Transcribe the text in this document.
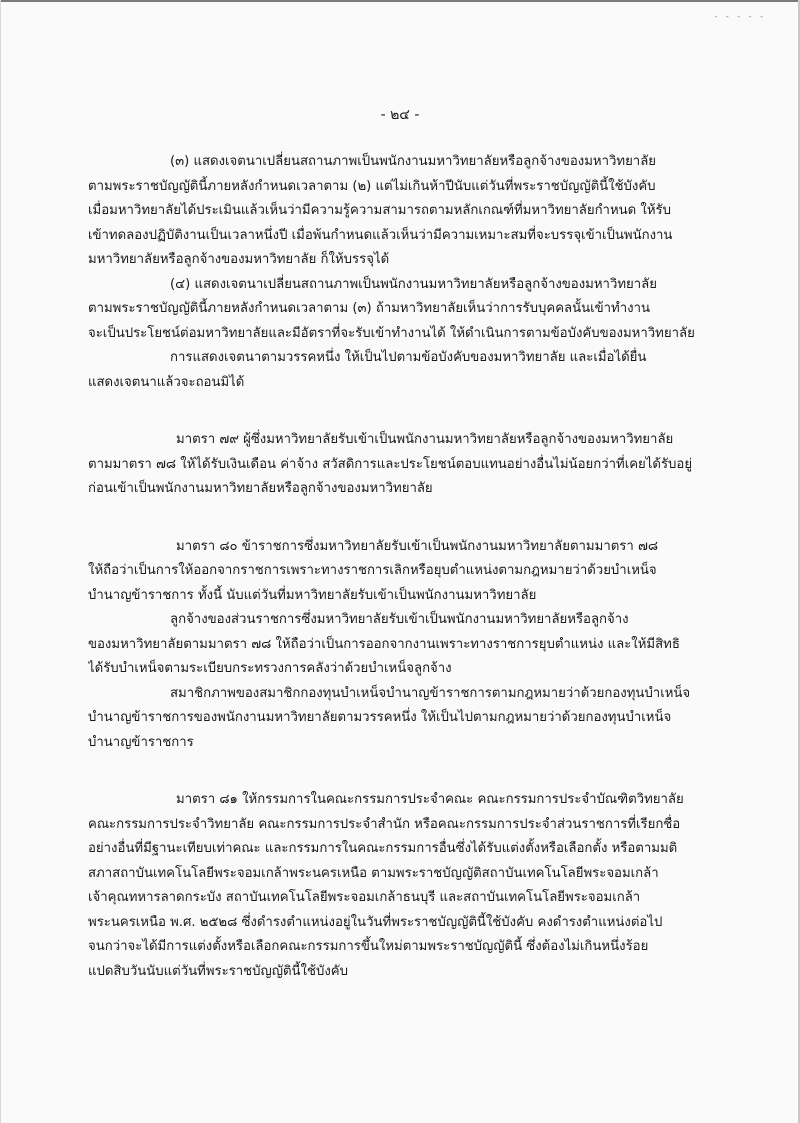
- - - - -
- ๒๔ -
(๓) แสดงเจตนาเปลี่ยนสถานภาพเป็นพนักงานมหาวิทยาลัยหรือลูกจ้างของมหาวิทยาลัย
ตามพระราชบัญญัตินี้ภายหลังกำหนดเวลาตาม (๒) แต่ไม่เกินห้าปีนับแต่วันที่พระราชบัญญัตินี้ใช้บังคับ
เมื่อมหาวิทยาลัยได้ประเมินแล้วเห็นว่ามีความรู้ความสามารถตามหลักเกณฑ์ที่มหาวิทยาลัยกำหนด ให้รับ
เข้าทดลองปฏิบัติงานเป็นเวลาหนึ่งปี เมื่อพ้นกำหนดแล้วเห็นว่ามีความเหมาะสมที่จะบรรจุเข้าเป็นพนักงาน
มหาวิทยาลัยหรือลูกจ้างของมหาวิทยาลัย ก็ให้บรรจุได้
(๔) แสดงเจตนาเปลี่ยนสถานภาพเป็นพนักงานมหาวิทยาลัยหรือลูกจ้างของมหาวิทยาลัย
ตามพระราชบัญญัตินี้ภายหลังกำหนดเวลาตาม (๓) ถ้ามหาวิทยาลัยเห็นว่าการรับบุคคลนั้นเข้าทำงาน
จะเป็นประโยชน์ต่อมหาวิทยาลัยและมีอัตราที่จะรับเข้าทำงานได้ ให้ดำเนินการตามข้อบังคับของมหาวิทยาลัย
การแสดงเจตนาตามวรรคหนึ่ง ให้เป็นไปตามข้อบังคับของมหาวิทยาลัย และเมื่อได้ยื่น
แสดงเจตนาแล้วจะถอนมิได้
มาตรา ๗๙ ผู้ซึ่งมหาวิทยาลัยรับเข้าเป็นพนักงานมหาวิทยาลัยหรือลูกจ้างของมหาวิทยาลัย
ตามมาตรา ๗๘ ให้ได้รับเงินเดือน ค่าจ้าง สวัสดิการและประโยชน์ตอบแทนอย่างอื่นไม่น้อยกว่าที่เคยได้รับอยู่
ก่อนเข้าเป็นพนักงานมหาวิทยาลัยหรือลูกจ้างของมหาวิทยาลัย
มาตรา ๘๐ ข้าราชการซึ่งมหาวิทยาลัยรับเข้าเป็นพนักงานมหาวิทยาลัยตามมาตรา ๗๘
ให้ถือว่าเป็นการให้ออกจากราชการเพราะทางราชการเลิกหรือยุบตำแหน่งตามกฎหมายว่าด้วยบำเหน็จ
บำนาญข้าราชการ ทั้งนี้ นับแต่วันที่มหาวิทยาลัยรับเข้าเป็นพนักงานมหาวิทยาลัย
ลูกจ้างของส่วนราชการซึ่งมหาวิทยาลัยรับเข้าเป็นพนักงานมหาวิทยาลัยหรือลูกจ้าง
ของมหาวิทยาลัยตามมาตรา ๗๘ ให้ถือว่าเป็นการออกจากงานเพราะทางราชการยุบตำแหน่ง และให้มีสิทธิ
ได้รับบำเหน็จตามระเบียบกระทรวงการคลังว่าด้วยบำเหน็จลูกจ้าง
สมาชิกภาพของสมาชิกกองทุนบำเหน็จบำนาญข้าราชการตามกฎหมายว่าด้วยกองทุนบำเหน็จ
บำนาญข้าราชการของพนักงานมหาวิทยาลัยตามวรรคหนึ่ง ให้เป็นไปตามกฎหมายว่าด้วยกองทุนบำเหน็จ
บำนาญข้าราชการ
มาตรา ๘๑ ให้กรรมการในคณะกรรมการประจำคณะ คณะกรรมการประจำบัณฑิตวิทยาลัย
คณะกรรมการประจำวิทยาลัย คณะกรรมการประจำสำนัก หรือคณะกรรมการประจำส่วนราชการที่เรียกชื่อ
อย่างอื่นที่มีฐานะเทียบเท่าคณะ และกรรมการในคณะกรรมการอื่นซึ่งได้รับแต่งตั้งหรือเลือกตั้ง หรือตามมติ
สภาสถาบันเทคโนโลยีพระจอมเกล้าพระนครเหนือ ตามพระราชบัญญัติสถาบันเทคโนโลยีพระจอมเกล้า
เจ้าคุณทหารลาดกระบัง สถาบันเทคโนโลยีพระจอมเกล้าธนบุรี และสถาบันเทคโนโลยีพระจอมเกล้า
พระนครเหนือ พ.ศ. ๒๕๒๘ ซึ่งดำรงตำแหน่งอยู่ในวันที่พระราชบัญญัตินี้ใช้บังคับ คงดำรงตำแหน่งต่อไป
จนกว่าจะได้มีการแต่งตั้งหรือเลือกคณะกรรมการขึ้นใหม่ตามพระราชบัญญัตินี้ ซึ่งต้องไม่เกินหนึ่งร้อย
แปดสิบวันนับแต่วันที่พระราชบัญญัตินี้ใช้บังคับ
